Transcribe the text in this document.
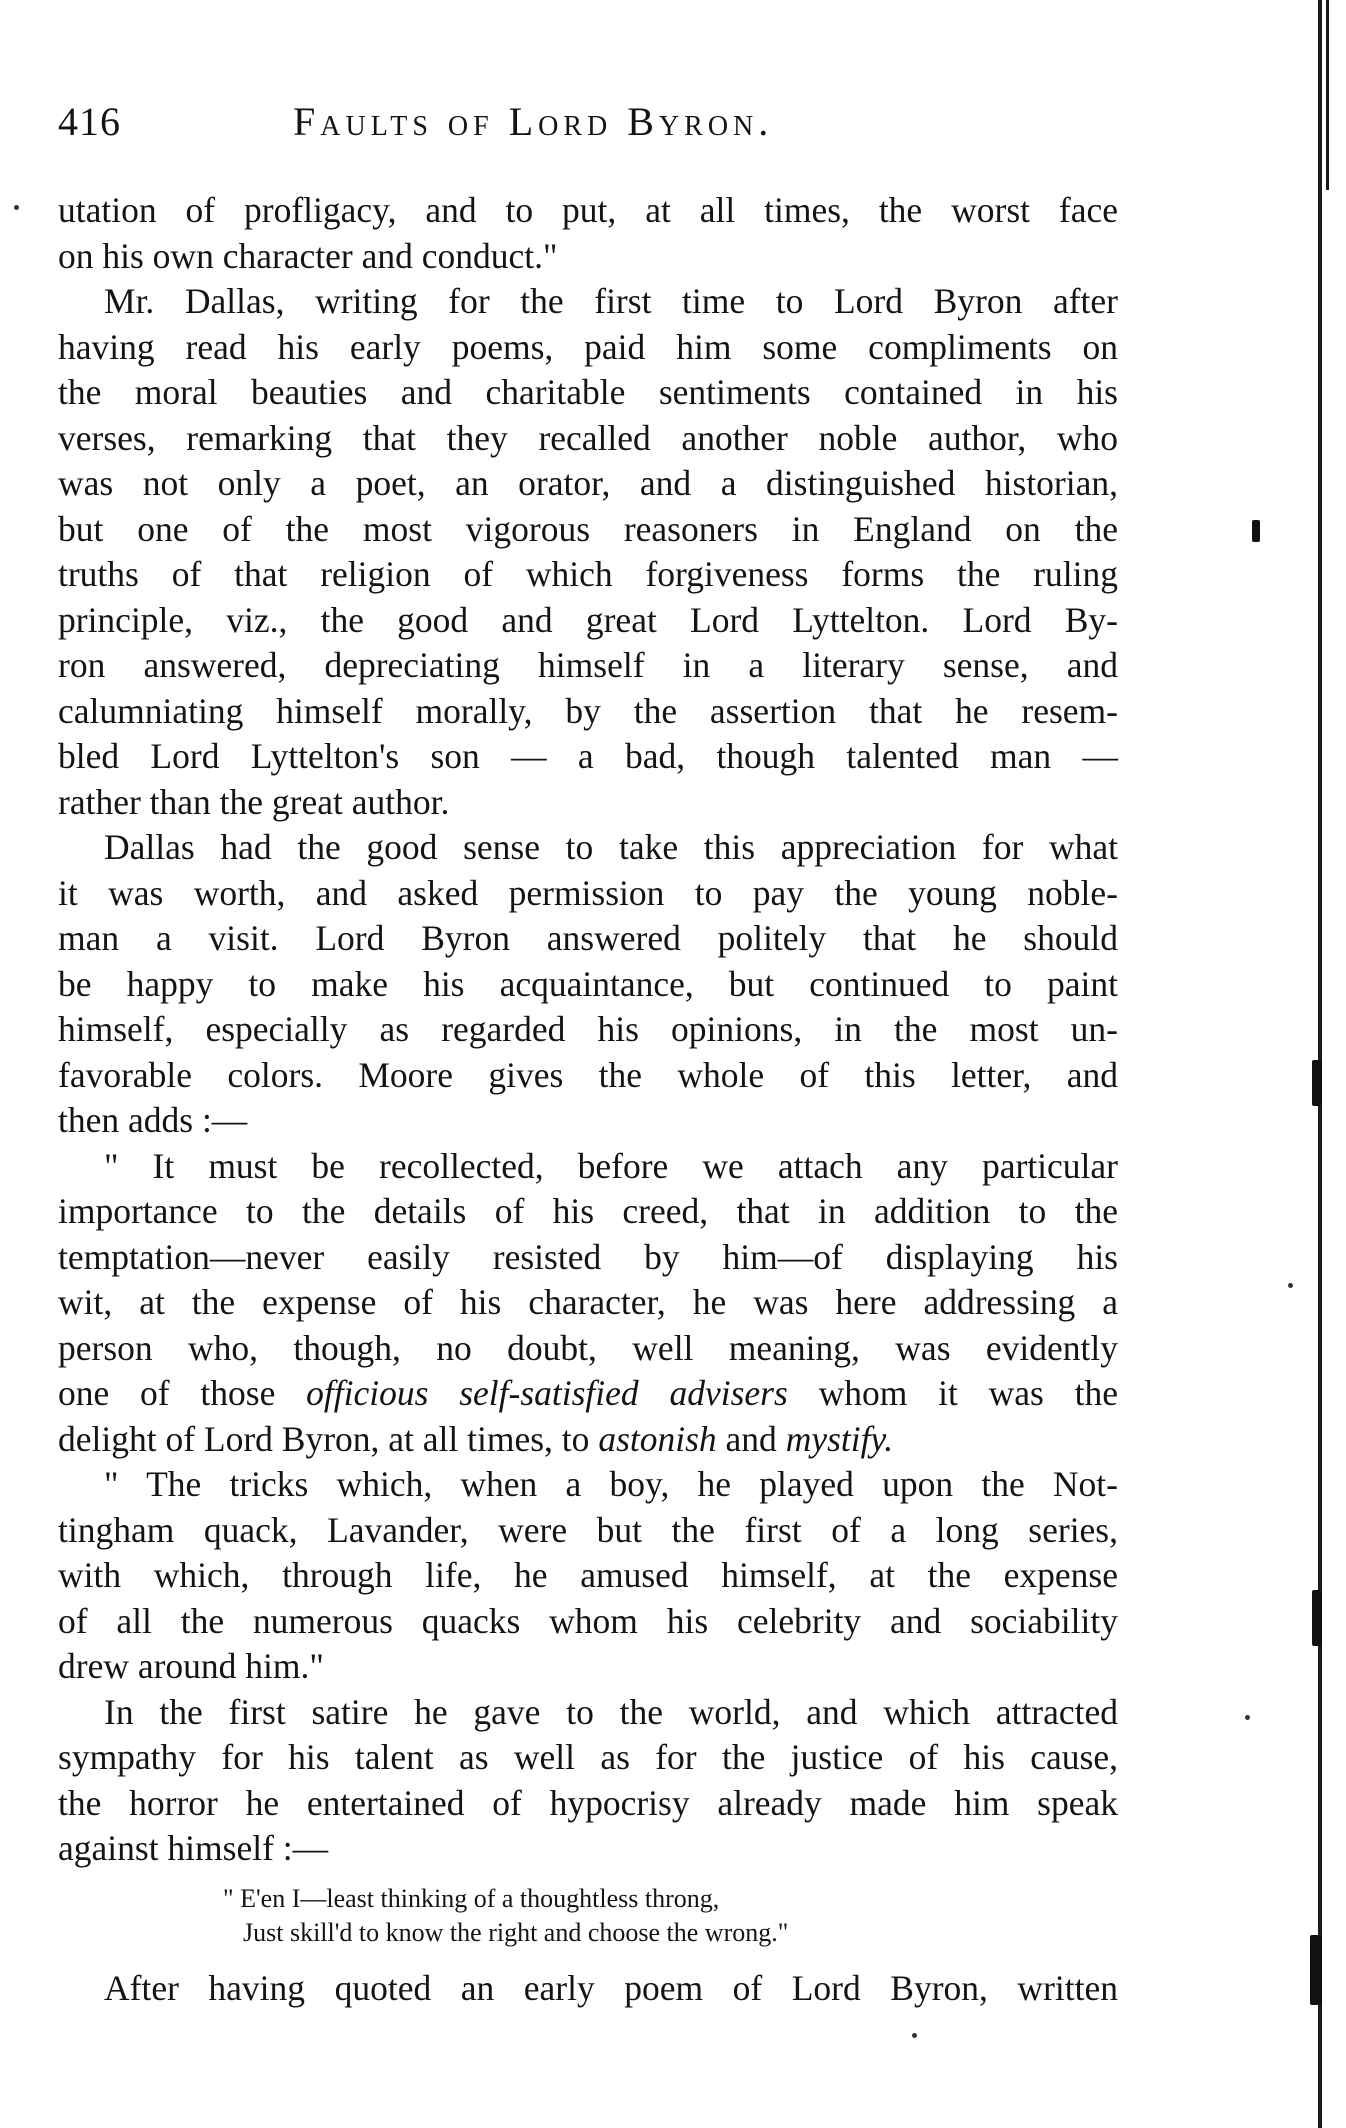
416	Faults of Lord Byron.

utation of profligacy, and to put, at all times, the worst face
on his own character and conduct."

Mr. Dallas, writing for the first time to Lord Byron after
having read his early poems, paid him some compliments on
the moral beauties and charitable sentiments contained in his
verses, remarking that they recalled another noble author, who
was not only a poet, an orator, and a distinguished historian,
but one of the most vigorous reasoners in England on the
truths of that religion of which forgiveness forms the ruling
principle, viz., the good and great Lord Lyttelton. Lord By-
ron answered, depreciating himself in a literary sense, and
calumniating himself morally, by the assertion that he resem-
bled Lord Lyttelton's son — a bad, though talented man —
rather than the great author.

Dallas had the good sense to take this appreciation for what
it was worth, and asked permission to pay the young noble-
man a visit. Lord Byron answered politely that he should
be happy to make his acquaintance, but continued to paint
himself, especially as regarded his opinions, in the most un-
favorable colors. Moore gives the whole of this letter, and
then adds :—

" It must be recollected, before we attach any particular
importance to the details of his creed, that in addition to the
temptation—never easily resisted by him—of displaying his
wit, at the expense of his character, he was here addressing a
person who, though, no doubt, well meaning, was evidently
one of those officious self-satisfied advisers whom it was the
delight of Lord Byron, at all times, to astonish and mystify.

" The tricks which, when a boy, he played upon the Not-
tingham quack, Lavander, were but the first of a long series,
with which, through life, he amused himself, at the expense
of all the numerous quacks whom his celebrity and sociability
drew around him."

In the first satire he gave to the world, and which attracted
sympathy for his talent as well as for the justice of his cause,
the horror he entertained of hypocrisy already made him speak
against himself :—

" E'en I—least thinking of a thoughtless throng,
Just skill'd to know the right and choose the wrong."

After having quoted an early poem of Lord Byron, written
